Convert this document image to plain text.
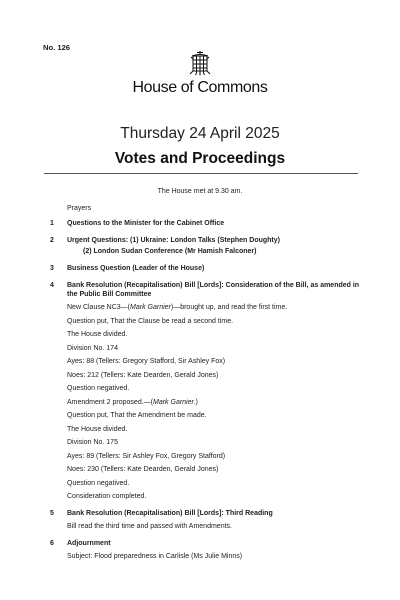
No. 126
House of Commons
Thursday 24 April 2025
Votes and Proceedings
The House met at 9.30 am.
Prayers
1 Questions to the Minister for the Cabinet Office
2 Urgent Questions: (1) Ukraine: London Talks (Stephen Doughty)
(2) London Sudan Conference (Mr Hamish Falconer)
3 Business Question (Leader of the House)
4 Bank Resolution (Recapitalisation) Bill [Lords]: Consideration of the Bill, as amended in the Public Bill Committee
New Clause NC3—(Mark Garnier)—brought up, and read the first time.
Question put, That the Clause be read a second time.
The House divided.
Division No. 174
Ayes: 88 (Tellers: Gregory Stafford, Sir Ashley Fox)
Noes: 212 (Tellers: Kate Dearden, Gerald Jones)
Question negatived.
Amendment 2 proposed.—(Mark Garnier.)
Question put, That the Amendment be made.
The House divided.
Division No. 175
Ayes: 89 (Tellers: Sir Ashley Fox, Gregory Stafford)
Noes: 230 (Tellers: Kate Dearden, Gerald Jones)
Question negatived.
Consideration completed.
5 Bank Resolution (Recapitalisation) Bill [Lords]: Third Reading
Bill read the third time and passed with Amendments.
6 Adjournment
Subject: Flood preparedness in Carlisle (Ms Julie Minns)
